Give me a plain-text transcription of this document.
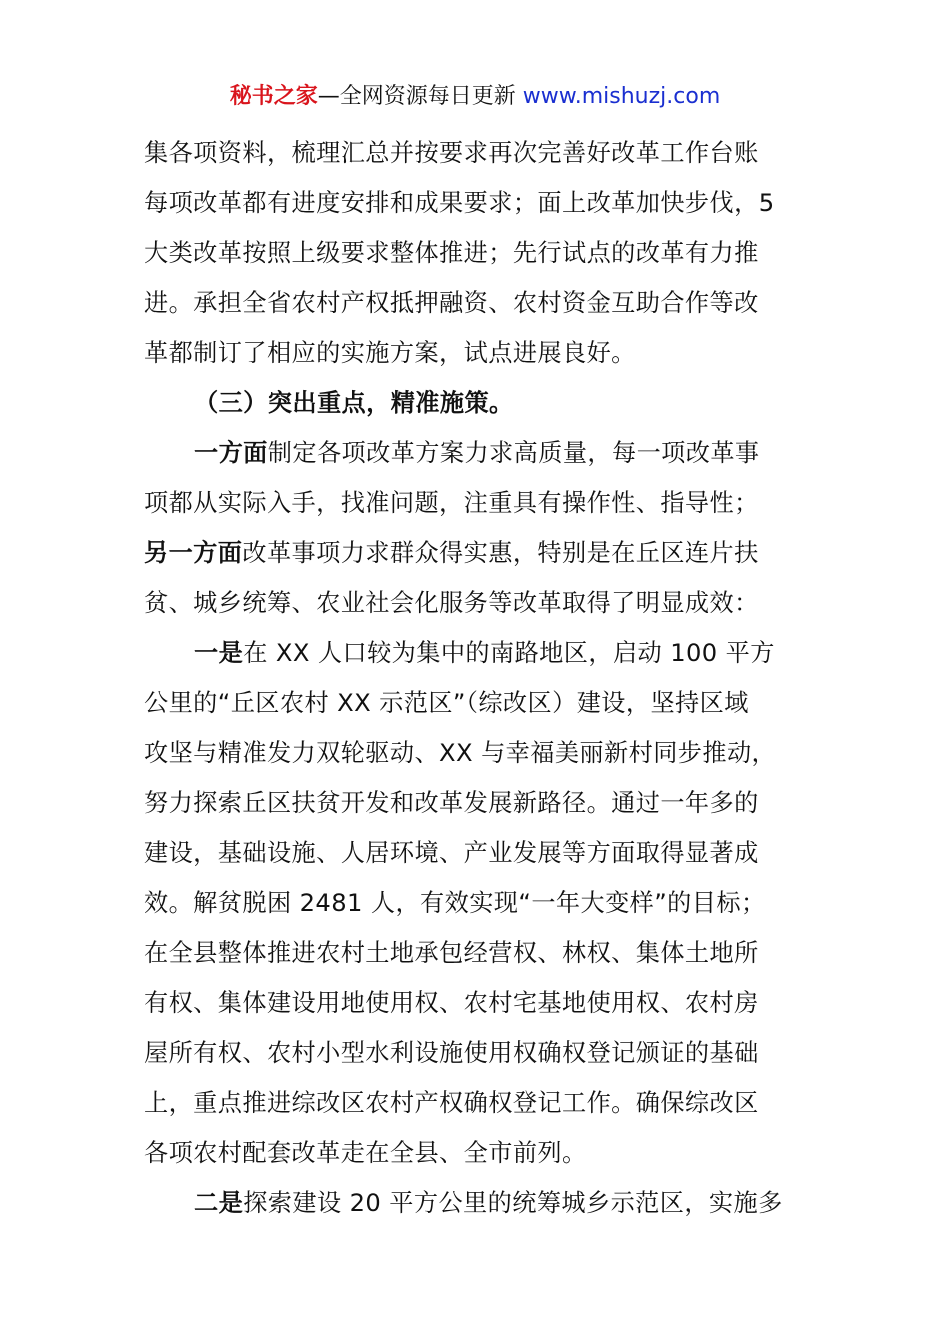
秘书之家—全网资源每日更新 www.mishuzj.com
集各项资料，梳理汇总并按要求再次完善好改革工作台账
每项改革都有进度安排和成果要求；面上改革加快步伐，5
大类改革按照上级要求整体推进；先行试点的改革有力推
进。承担全省农村产权抵押融资、农村资金互助合作等改
革都制订了相应的实施方案，试点进展良好。
（三）突出重点，精准施策。
一方面制定各项改革方案力求高质量，每一项改革事
项都从实际入手，找准问题，注重具有操作性、指导性；
另一方面改革事项力求群众得实惠，特别是在丘区连片扶
贫、城乡统筹、农业社会化服务等改革取得了明显成效：
一是在 XX 人口较为集中的南路地区，启动 100 平方
公里的“丘区农村 XX 示范区”（综改区）建设，坚持区域
攻坚与精准发力双轮驱动、XX 与幸福美丽新村同步推动，
努力探索丘区扶贫开发和改革发展新路径。通过一年多的
建设，基础设施、人居环境、产业发展等方面取得显著成
效。解贫脱困 2481 人，有效实现“一年大变样”的目标；
在全县整体推进农村土地承包经营权、林权、集体土地所
有权、集体建设用地使用权、农村宅基地使用权、农村房
屋所有权、农村小型水利设施使用权确权登记颁证的基础
上，重点推进综改区农村产权确权登记工作。确保综改区
各项农村配套改革走在全县、全市前列。
二是探索建设 20 平方公里的统筹城乡示范区，实施多
